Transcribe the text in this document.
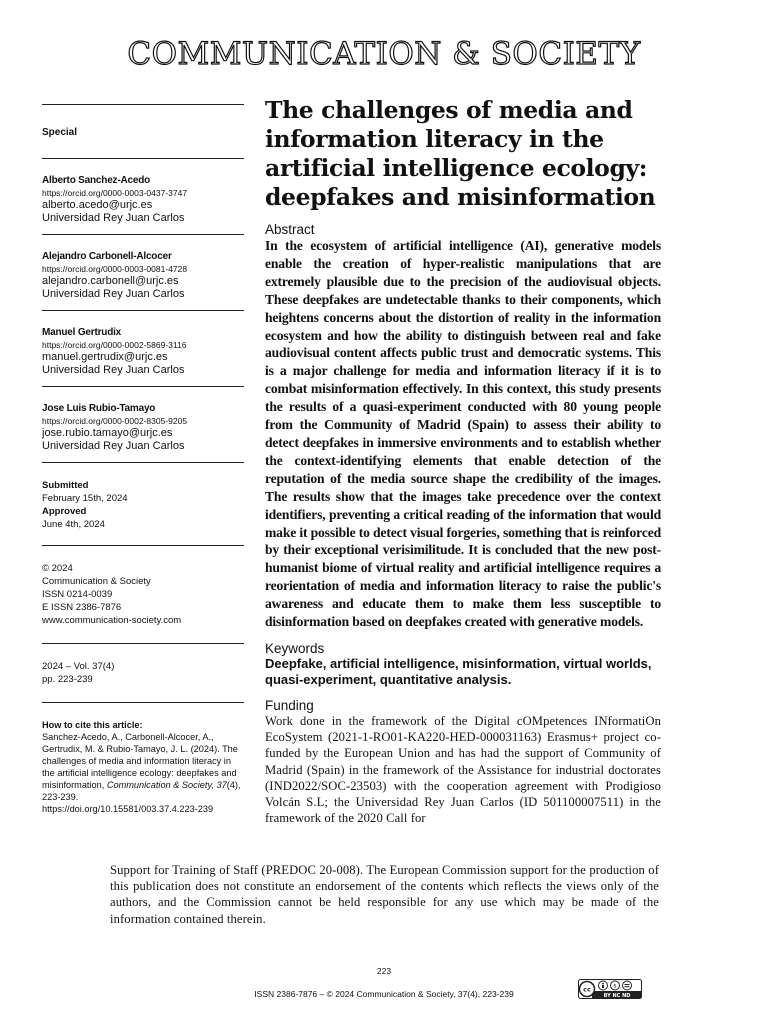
COMMUNICATION & SOCIETY
Special
Alberto Sanchez-Acedo
https://orcid.org/0000-0003-0437-3747
alberto.acedo@urjc.es
Universidad Rey Juan Carlos
Alejandro Carbonell-Alcocer
https://orcid.org/0000-0003-0081-4728
alejandro.carbonell@urjc.es
Universidad Rey Juan Carlos
Manuel Gertrudix
https://orcid.org/0000-0002-5869-3116
manuel.gertrudix@urjc.es
Universidad Rey Juan Carlos
Jose Luis Rubio-Tamayo
https://orcid.org/0000-0002-8305-9205
jose.rubio.tamayo@urjc.es
Universidad Rey Juan Carlos
Submitted
February 15th, 2024
Approved
June 4th, 2024
© 2024
Communication & Society
ISSN 0214-0039
E ISSN 2386-7876
www.communication-society.com
2024 – Vol. 37(4)
pp. 223-239
How to cite this article:
Sanchez-Acedo, A., Carbonell-Alcocer, A., Gertrudix, M. & Rubio-Tamayo, J. L. (2024). The challenges of media and information literacy in the artificial intelligence ecology: deepfakes and misinformation, Communication & Society, 37(4), 223-239.
https://doi.org/10.15581/003.37.4.223-239
The challenges of media and information literacy in the artificial intelligence ecology: deepfakes and misinformation
Abstract
In the ecosystem of artificial intelligence (AI), generative models enable the creation of hyper-realistic manipulations that are extremely plausible due to the precision of the audiovisual objects. These deepfakes are undetectable thanks to their components, which heightens concerns about the distortion of reality in the information ecosystem and how the ability to distinguish between real and fake audiovisual content affects public trust and democratic systems. This is a major challenge for media and information literacy if it is to combat misinformation effectively. In this context, this study presents the results of a quasi-experiment conducted with 80 young people from the Community of Madrid (Spain) to assess their ability to detect deepfakes in immersive environments and to establish whether the context-identifying elements that enable detection of the reputation of the media source shape the credibility of the images. The results show that the images take precedence over the context identifiers, preventing a critical reading of the information that would make it possible to detect visual forgeries, something that is reinforced by their exceptional verisimilitude. It is concluded that the new post-humanist biome of virtual reality and artificial intelligence requires a reorientation of media and information literacy to raise the public's awareness and educate them to make them less susceptible to disinformation based on deepfakes created with generative models.
Keywords
Deepfake, artificial intelligence, misinformation, virtual worlds, quasi-experiment, quantitative analysis.
Funding
Work done in the framework of the Digital cOMpetences INformatiOn EcoSystem (2021-1-RO01-KA220-HED-000031163) Erasmus+ project co-funded by the European Union and has had the support of Community of Madrid (Spain) in the framework of the Assistance for industrial doctorates (IND2022/SOC-23503) with the cooperation agreement with Prodigioso Volcán S.L; the Universidad Rey Juan Carlos (ID 501100007511) in the framework of the 2020 Call for
Support for Training of Staff (PREDOC 20-008). The European Commission support for the production of this publication does not constitute an endorsement of the contents which reflects the views only of the authors, and the Commission cannot be held responsible for any use which may be made of the information contained therein.
223
ISSN 2386-7876 – © 2024 Communication & Society, 37(4), 223-239	cc	$
BY NC ND
